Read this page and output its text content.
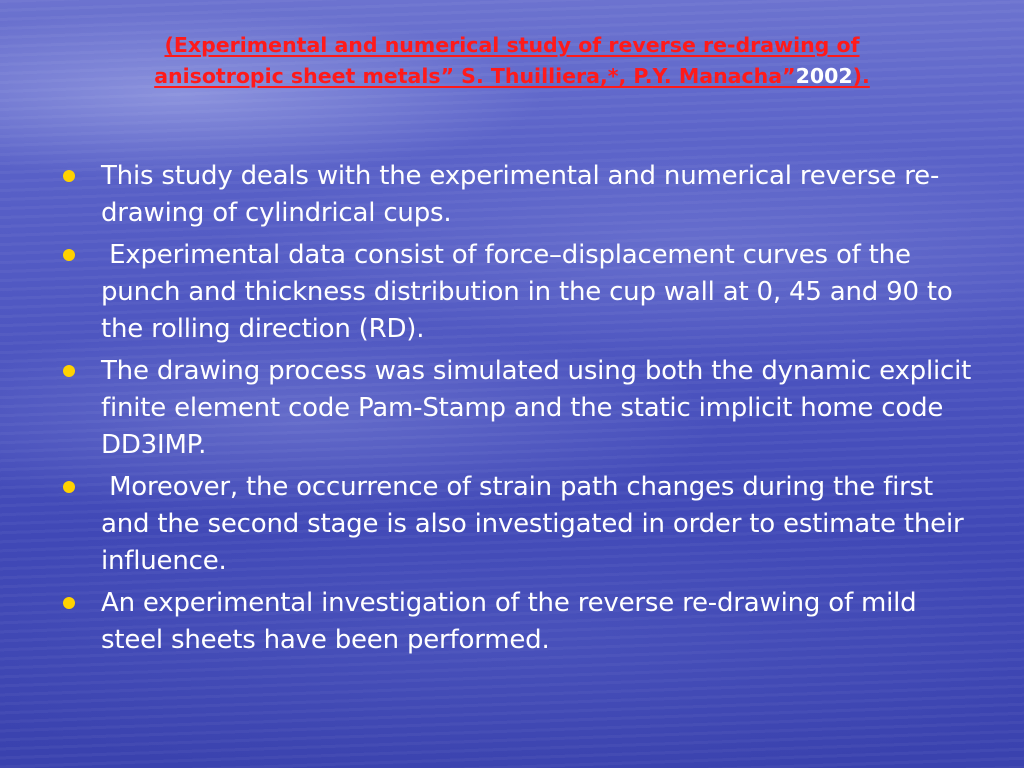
(Experimental and numerical study of reverse re-drawing of
anisotropic sheet metals” S. Thuilliera,*, P.Y. Manacha”2002).
This study deals with the experimental and numerical reverse re-drawing of cylindrical cups.
Experimental data consist of force–displacement curves of the punch and thickness distribution in the cup wall at 0, 45 and 90 to the rolling direction (RD).
The drawing process was simulated using both the dynamic explicit finite element code Pam-Stamp and the static implicit home code DD3IMP.
Moreover, the occurrence of strain path changes during the first and the second stage is also investigated in order to estimate their influence.
An experimental investigation of the reverse re-drawing of mild steel sheets have been performed.
